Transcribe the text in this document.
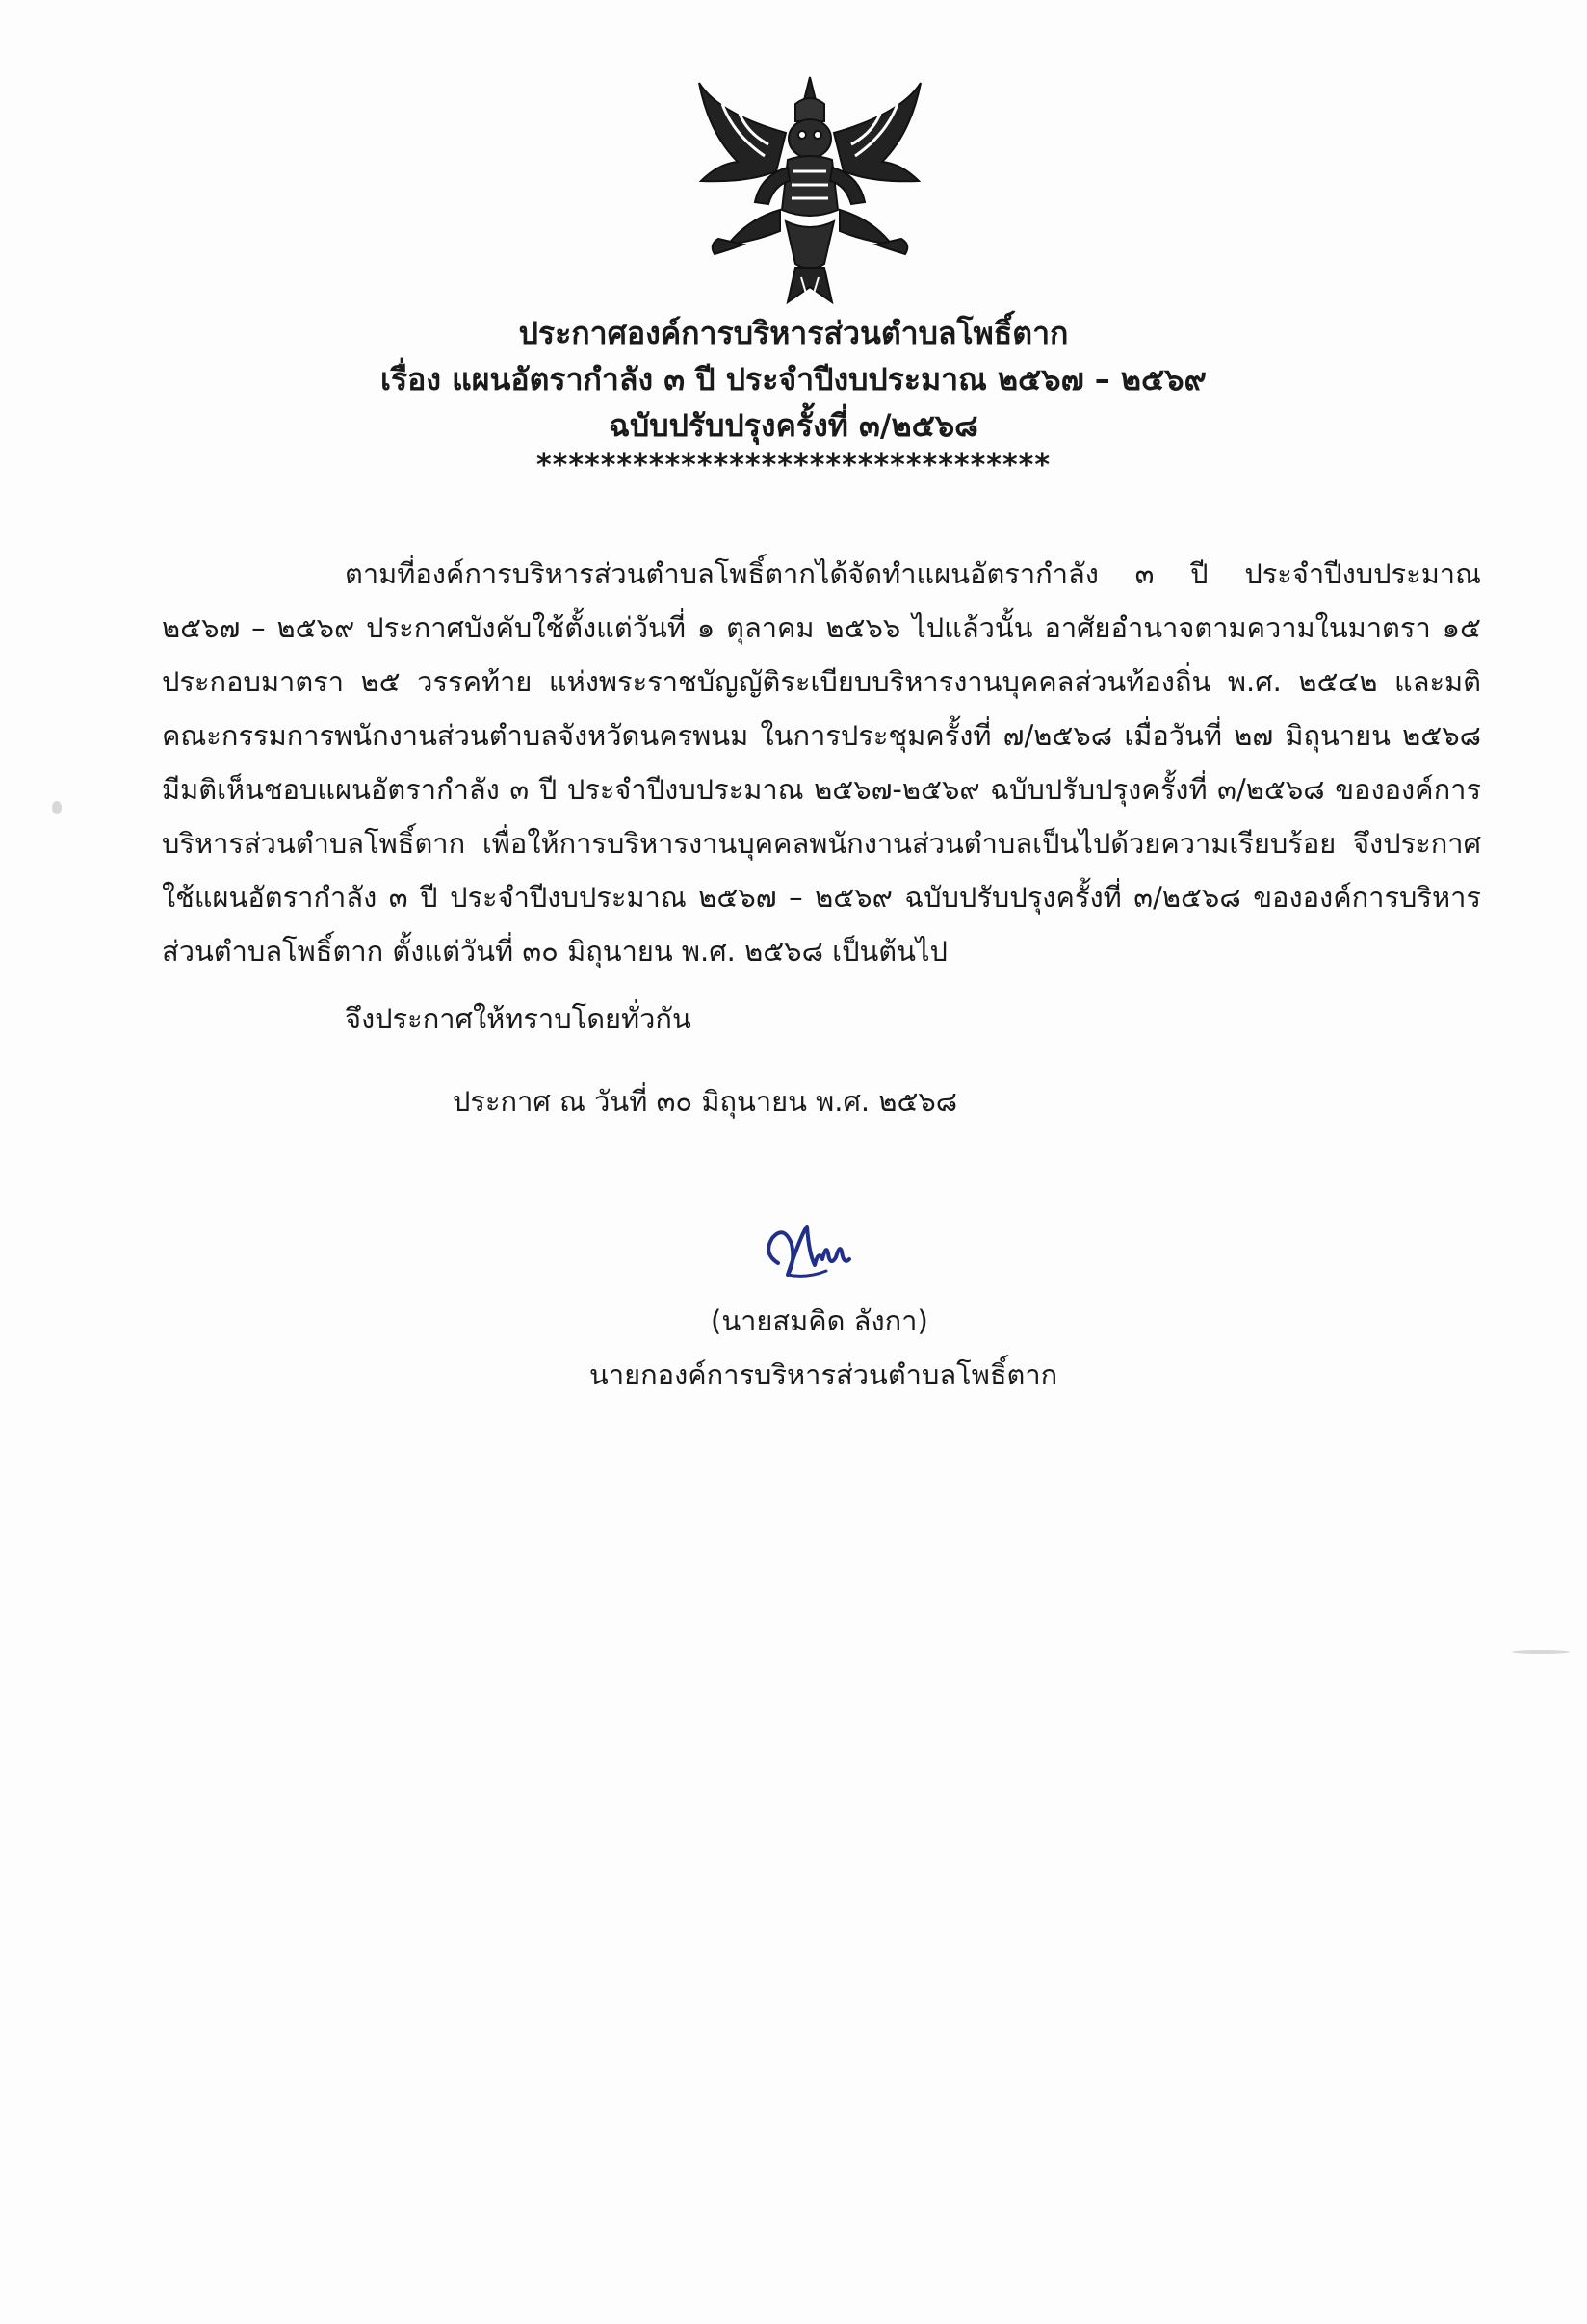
ประกาศองค์การบริหารส่วนตำบลโพธิ์ตาก
เรื่อง แผนอัตรากำลัง ๓ ปี ประจำปีงบประมาณ ๒๕๖๗ – ๒๕๖๙
ฉบับปรับปรุงครั้งที่ ๓/๒๕๖๘
********************************
ตามที่องค์การบริหารส่วนตำบลโพธิ์ตากได้จัดทำแผนอัตรากำลัง ๓ ปี ประจำปีงบประมาณ ๒๕๖๗ – ๒๕๖๙ ประกาศบังคับใช้ตั้งแต่วันที่ ๑ ตุลาคม ๒๕๖๖ ไปแล้วนั้น อาศัยอำนาจตามความในมาตรา ๑๕ ประกอบมาตรา ๒๕ วรรคท้าย แห่งพระราชบัญญัติระเบียบบริหารงานบุคคลส่วนท้องถิ่น พ.ศ. ๒๕๔๒ และมติคณะกรรมการพนักงานส่วนตำบลจังหวัดนครพนม ในการประชุมครั้งที่ ๗/๒๕๖๘ เมื่อวันที่ ๒๗ มิถุนายน ๒๕๖๘ มีมติเห็นชอบแผนอัตรากำลัง ๓ ปี ประจำปีงบประมาณ ๒๕๖๗-๒๕๖๙ ฉบับปรับปรุงครั้งที่ ๓/๒๕๖๘ ขององค์การบริหารส่วนตำบลโพธิ์ตาก เพื่อให้การบริหารงานบุคคลพนักงานส่วนตำบลเป็นไปด้วยความเรียบร้อย จึงประกาศใช้แผนอัตรากำลัง ๓ ปี ประจำปีงบประมาณ ๒๕๖๗ – ๒๕๖๙ ฉบับปรับปรุงครั้งที่ ๓/๒๕๖๘ ขององค์การบริหารส่วนตำบลโพธิ์ตาก ตั้งแต่วันที่ ๓๐ มิถุนายน พ.ศ. ๒๕๖๘ เป็นต้นไป
จึงประกาศให้ทราบโดยทั่วกัน
ประกาศ ณ วันที่ ๓๐ มิถุนายน พ.ศ. ๒๕๖๘
(นายสมคิด ลังกา)
นายกองค์การบริหารส่วนตำบลโพธิ์ตาก
